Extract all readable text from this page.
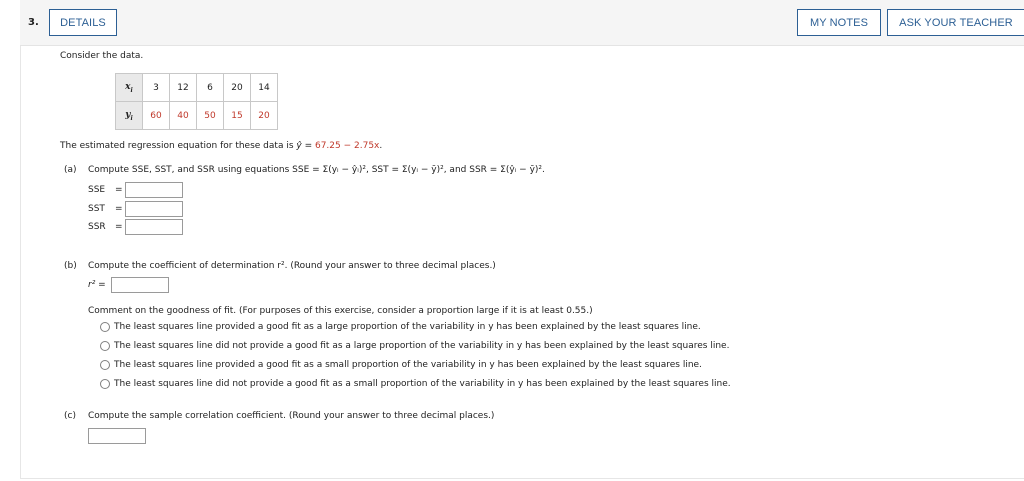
3.	DETAILS	MY NOTES	ASK YOUR TEACHER
Consider the data.
$x_i$	3	12	6	20	14
$y_i$	60	40	50	15	20
The estimated regression equation for these data is ŷ = 67.25 − 2.75x.
(a) Compute SSE, SST, and SSR using equations SSE = Σ(yᵢ − ŷᵢ)², SST = Σ(yᵢ − ȳ)², and SSR = Σ(ŷᵢ − ȳ)².
SSE =
SST =
SSR =
(b) Compute the coefficient of determination r². (Round your answer to three decimal places.)
r² =
Comment on the goodness of fit. (For purposes of this exercise, consider a proportion large if it is at least 0.55.)
The least squares line provided a good fit as a large proportion of the variability in y has been explained by the least squares line.
The least squares line did not provide a good fit as a large proportion of the variability in y has been explained by the least squares line.
The least squares line provided a good fit as a small proportion of the variability in y has been explained by the least squares line.
The least squares line did not provide a good fit as a small proportion of the variability in y has been explained by the least squares line.
(c) Compute the sample correlation coefficient. (Round your answer to three decimal places.)
